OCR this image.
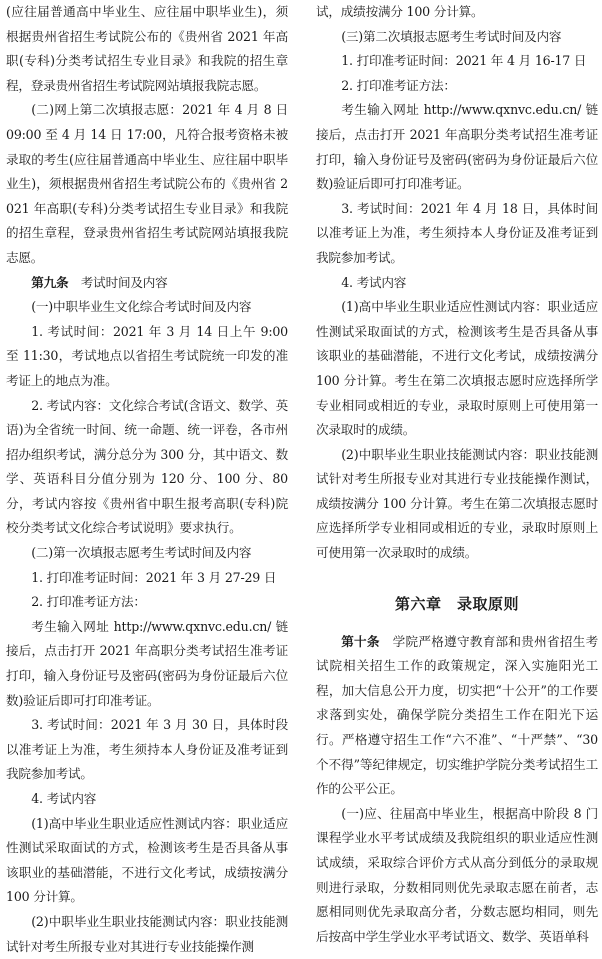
(应往届普通高中毕业生、应往届中职毕业生)，须根据贵州省招生考试院公布的《贵州省 2021 年高职(专科)分类考试招生专业目录》和我院的招生章程，登录贵州省招生考试院网站填报我院志愿。

(二)网上第二次填报志愿：2021 年 4 月 8 日 09:00 至 4 月 14 日 17:00，凡符合报考资格未被录取的考生(应往届普通高中毕业生、应往届中职毕业生)，须根据贵州省招生考试院公布的《贵州省 2021 年高职(专科)分类考试招生专业目录》和我院的招生章程，登录贵州省招生考试院网站填报我院志愿。

第九条　 考试时间及内容

(一)中职毕业生文化综合考试时间及内容

1. 考试时间：2021 年 3 月 14 日上午 9:00 至 11:30，考试地点以省招生考试院统一印发的准考证上的地点为准。

2. 考试内容：文化综合考试(含语文、数学、英语)为全省统一时间、统一命题、统一评卷，各市州招办组织考试，满分总分为 300 分，其中语文、数学、英语科目分值分别为 120 分、100 分、80 分，考试内容按《贵州省中职生报考高职(专科)院校分类考试文化综合考试说明》要求执行。

(二)第一次填报志愿考生考试时间及内容

1. 打印准考证时间：2021 年 3 月 27-29 日

2. 打印准考证方法：

考生输入网址 http://www.qxnvc.edu.cn/ 链接后，点击打开 2021 年高职分类考试招生准考证打印，输入身份证号及密码(密码为身份证最后六位数)验证后即可打印准考证。

3. 考试时间：2021 年 3 月 30 日，具体时段以准考证上为准，考生须持本人身份证及准考证到我院参加考试。

4. 考试内容

(1)高中毕业生职业适应性测试内容：职业适应性测试采取面试的方式，检测该考生是否具备从事该职业的基础潜能，不进行文化考试，成绩按满分 100 分计算。

(2)中职毕业生职业技能测试内容：职业技能测试针对考生所报专业对其进行专业技能操作测

试，成绩按满分 100 分计算。

(三)第二次填报志愿考生考试时间及内容

1. 打印准考证时间：2021 年 4 月 16-17 日

2. 打印准考证方法：

考生输入网址 http://www.qxnvc.edu.cn/ 链接后，点击打开 2021 年高职分类考试招生准考证打印，输入身份证号及密码(密码为身份证最后六位数)验证后即可打印准考证。

3. 考试时间：2021 年 4 月 18 日，具体时间以准考证上为准，考生须持本人身份证及准考证到我院参加考试。

4. 考试内容

(1)高中毕业生职业适应性测试内容：职业适应性测试采取面试的方式，检测该考生是否具备从事该职业的基础潜能，不进行文化考试，成绩按满分 100 分计算。考生在第二次填报志愿时应选择所学专业相同或相近的专业，录取时原则上可使用第一次录取时的成绩。

(2)中职毕业生职业技能测试内容：职业技能测试针对考生所报专业对其进行专业技能操作测试，成绩按满分 100 分计算。考生在第二次填报志愿时应选择所学专业相同或相近的专业，录取时原则上可使用第一次录取时的成绩。

第六章　录取原则

第十条　 学院严格遵守教育部和贵州省招生考试院相关招生工作的政策规定，深入实施阳光工程，加大信息公开力度，切实把“十公开”的工作要求落到实处，确保学院分类招生工作在阳光下运行。严格遵守招生工作“六不准”、“十严禁”、“30 个不得”等纪律规定，切实维护学院分类考试招生工作的公平公正。

(一)应、往届高中毕业生，根据高中阶段 8 门课程学业水平考试成绩及我院组织的职业适应性测试成绩，采取综合评价方式从高分到低分的录取规则进行录取，分数相同则优先录取志愿在前者，志愿相同则优先录取高分者，分数志愿均相同，则先后按高中学生学业水平考试语文、数学、英语单科
